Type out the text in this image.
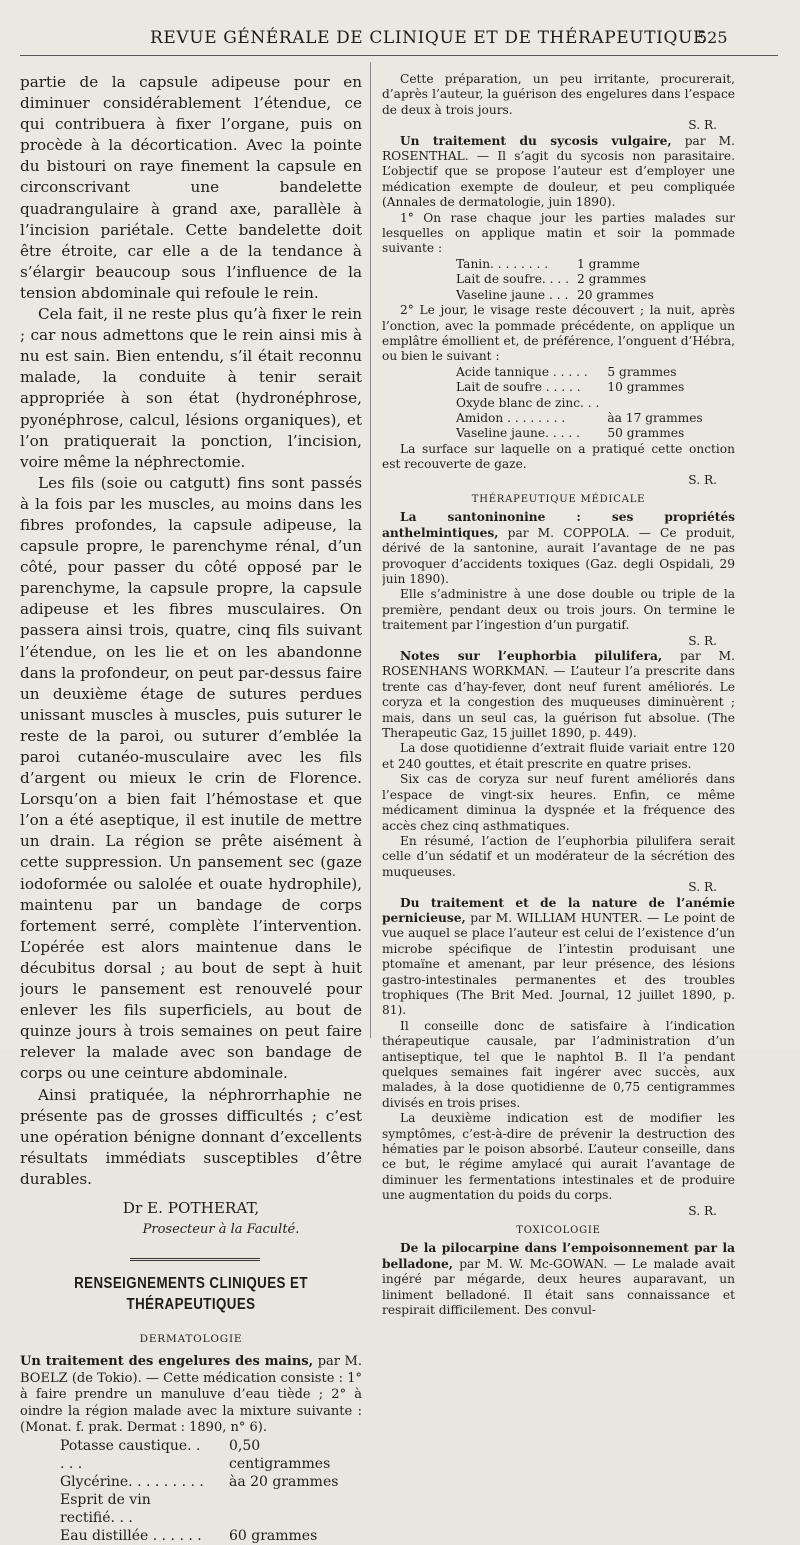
REVUE GÉNÉRALE DE CLINIQUE ET DE THÉRAPEUTIQUE
525

partie de la capsule adipeuse pour en diminuer considérablement l’étendue, ce qui contribuera à fixer l’organe, puis on procède à la décortication. Avec la pointe du bistouri on raye finement la capsule en circonscrivant une bandelette quadrangulaire à grand axe, parallèle à l’incision pariétale. Cette bandelette doit être étroite, car elle a de la tendance à s’élargir beaucoup sous l’influence de la tension abdominale qui refoule le rein.

Cela fait, il ne reste plus qu’à fixer le rein ; car nous admettons que le rein ainsi mis à nu est sain. Bien entendu, s’il était reconnu malade, la conduite à tenir serait appropriée à son état (hydronéphrose, pyonéphrose, calcul, lésions organiques), et l’on pratiquerait la ponction, l’incision, voire même la néphrectomie.

Les fils (soie ou catgutt) fins sont passés à la fois par les muscles, au moins dans les fibres profondes, la capsule adipeuse, la capsule propre, le parenchyme rénal, d’un côté, pour passer du côté opposé par le parenchyme, la capsule propre, la capsule adipeuse et les fibres musculaires. On passera ainsi trois, quatre, cinq fils suivant l’étendue, on les lie et on les abandonne dans la profondeur, on peut par-dessus faire un deuxième étage de sutures perdues unissant muscles à muscles, puis suturer le reste de la paroi, ou suturer d’emblée la paroi cutanéo-musculaire avec les fils d’argent ou mieux le crin de Florence. Lorsqu’on a bien fait l’hémostase et que l’on a été aseptique, il est inutile de mettre un drain. La région se prête aisément à cette suppression. Un pansement sec (gaze iodoformée ou salolée et ouate hydrophile), maintenu par un bandage de corps fortement serré, complète l’intervention. L’opérée est alors maintenue dans le décubitus dorsal ; au bout de sept à huit jours le pansement est renouvelé pour enlever les fils superficiels, au bout de quinze jours à trois semaines on peut faire relever la malade avec son bandage de corps ou une ceinture abdominale.

Ainsi pratiquée, la néphrorrhaphie ne présente pas de grosses difficultés ; c’est une opération bénigne donnant d’excellents résultats immédiats susceptibles d’être durables.

Dr E. POTHERAT,

Prosecteur à la Faculté.

RENSEIGNEMENTS CLINIQUES ET THÉRAPEUTIQUES
DERMATOLOGIE

Un traitement des engelures des mains, par M. BOELZ (de Tokio). — Cette médication consiste : 1° à faire prendre un manuluve d’eau tiède ; 2° à oindre la région malade avec la mixture suivante : (Monat. f. prak. Dermat : 1890, n° 6).

Potasse caustique. . . . .	0,50 centigrammes
Glycérine. . . . . . . . .	àa 20 grammes
Esprit de vin rectifié. . .	
Eau distillée . . . . . .	60 grammes

Cette préparation, un peu irritante, procurerait, d’après l’auteur, la guérison des engelures dans l’espace de deux à trois jours.

S. R.

Un traitement du sycosis vulgaire, par M. ROSENTHAL. — Il s’agit du sycosis non parasitaire. L’objectif que se propose l’auteur est d’employer une médication exempte de douleur, et peu compliquée (Annales de dermatologie, juin 1890).

1° On rase chaque jour les parties malades sur lesquelles on applique matin et soir la pommade suivante :

Tanin. . . . . . . .	1 gramme
Lait de soufre. . . .	2 grammes
Vaseline jaune . . .	20 grammes

2° Le jour, le visage reste découvert ; la nuit, après l’onction, avec la pommade précédente, on applique un emplâtre émollient et, de préférence, l’onguent d’Hébra, ou bien le suivant :

Acide tannique . . . . .	5 grammes
Lait de soufre . . . . .	10 grammes
Oxyde blanc de zinc. . .	
Amidon . . . . . . . .	àa 17 grammes
Vaseline jaune. . . . .	50 grammes

La surface sur laquelle on a pratiqué cette onction est recouverte de gaze.

S. R.

THÉRAPEUTIQUE MÉDICALE

La santoninonine : ses propriétés anthelmintiques, par M. COPPOLA. — Ce produit, dérivé de la santonine, aurait l’avantage de ne pas provoquer d’accidents toxiques (Gaz. degli Ospidali, 29 juin 1890).

Elle s’administre à une dose double ou triple de la première, pendant deux ou trois jours. On termine le traitement par l’ingestion d’un purgatif.

S. R.

Notes sur l’euphorbia pilulifera, par M. ROSENHANS WORKMAN. — L’auteur l’a prescrite dans trente cas d’hay-fever, dont neuf furent améliorés. Le coryza et la congestion des muqueuses diminuèrent ; mais, dans un seul cas, la guérison fut absolue. (The Therapeutic Gaz, 15 juillet 1890, p. 449).

La dose quotidienne d’extrait fluide variait entre 120 et 240 gouttes, et était prescrite en quatre prises.

Six cas de coryza sur neuf furent améliorés dans l’espace de vingt-six heures. Enfin, ce même médicament diminua la dyspnée et la fréquence des accès chez cinq asthmatiques.

En résumé, l’action de l’euphorbia pilulifera serait celle d’un sédatif et un modérateur de la sécrétion des muqueuses.

S. R.

Du traitement et de la nature de l’anémie pernicieuse, par M. WILLIAM HUNTER. — Le point de vue auquel se place l’auteur est celui de l’existence d’un microbe spécifique de l’intestin produisant une ptomaïne et amenant, par leur présence, des lésions gastro-intestinales permanentes et des troubles trophiques (The Brit Med. Journal, 12 juillet 1890, p. 81).

Il conseille donc de satisfaire à l’indication thérapeutique causale, par l’administration d’un antiseptique, tel que le naphtol B. Il l’a pendant quelques semaines fait ingérer avec succès, aux malades, à la dose quotidienne de 0,75 centigrammes divisés en trois prises.

La deuxième indication est de modifier les symptômes, c’est-à-dire de prévenir la destruction des hématies par le poison absorbé. L’auteur conseille, dans ce but, le régime amylacé qui aurait l’avantage de diminuer les fermentations intestinales et de produire une augmentation du poids du corps.

S. R.

TOXICOLOGIE

De la pilocarpine dans l’empoisonnement par la belladone, par M. W. Mc-GOWAN. — Le malade avait ingéré par mégarde, deux heures auparavant, un liniment belladoné. Il était sans connaissance et respirait difficilement. Des convul-
